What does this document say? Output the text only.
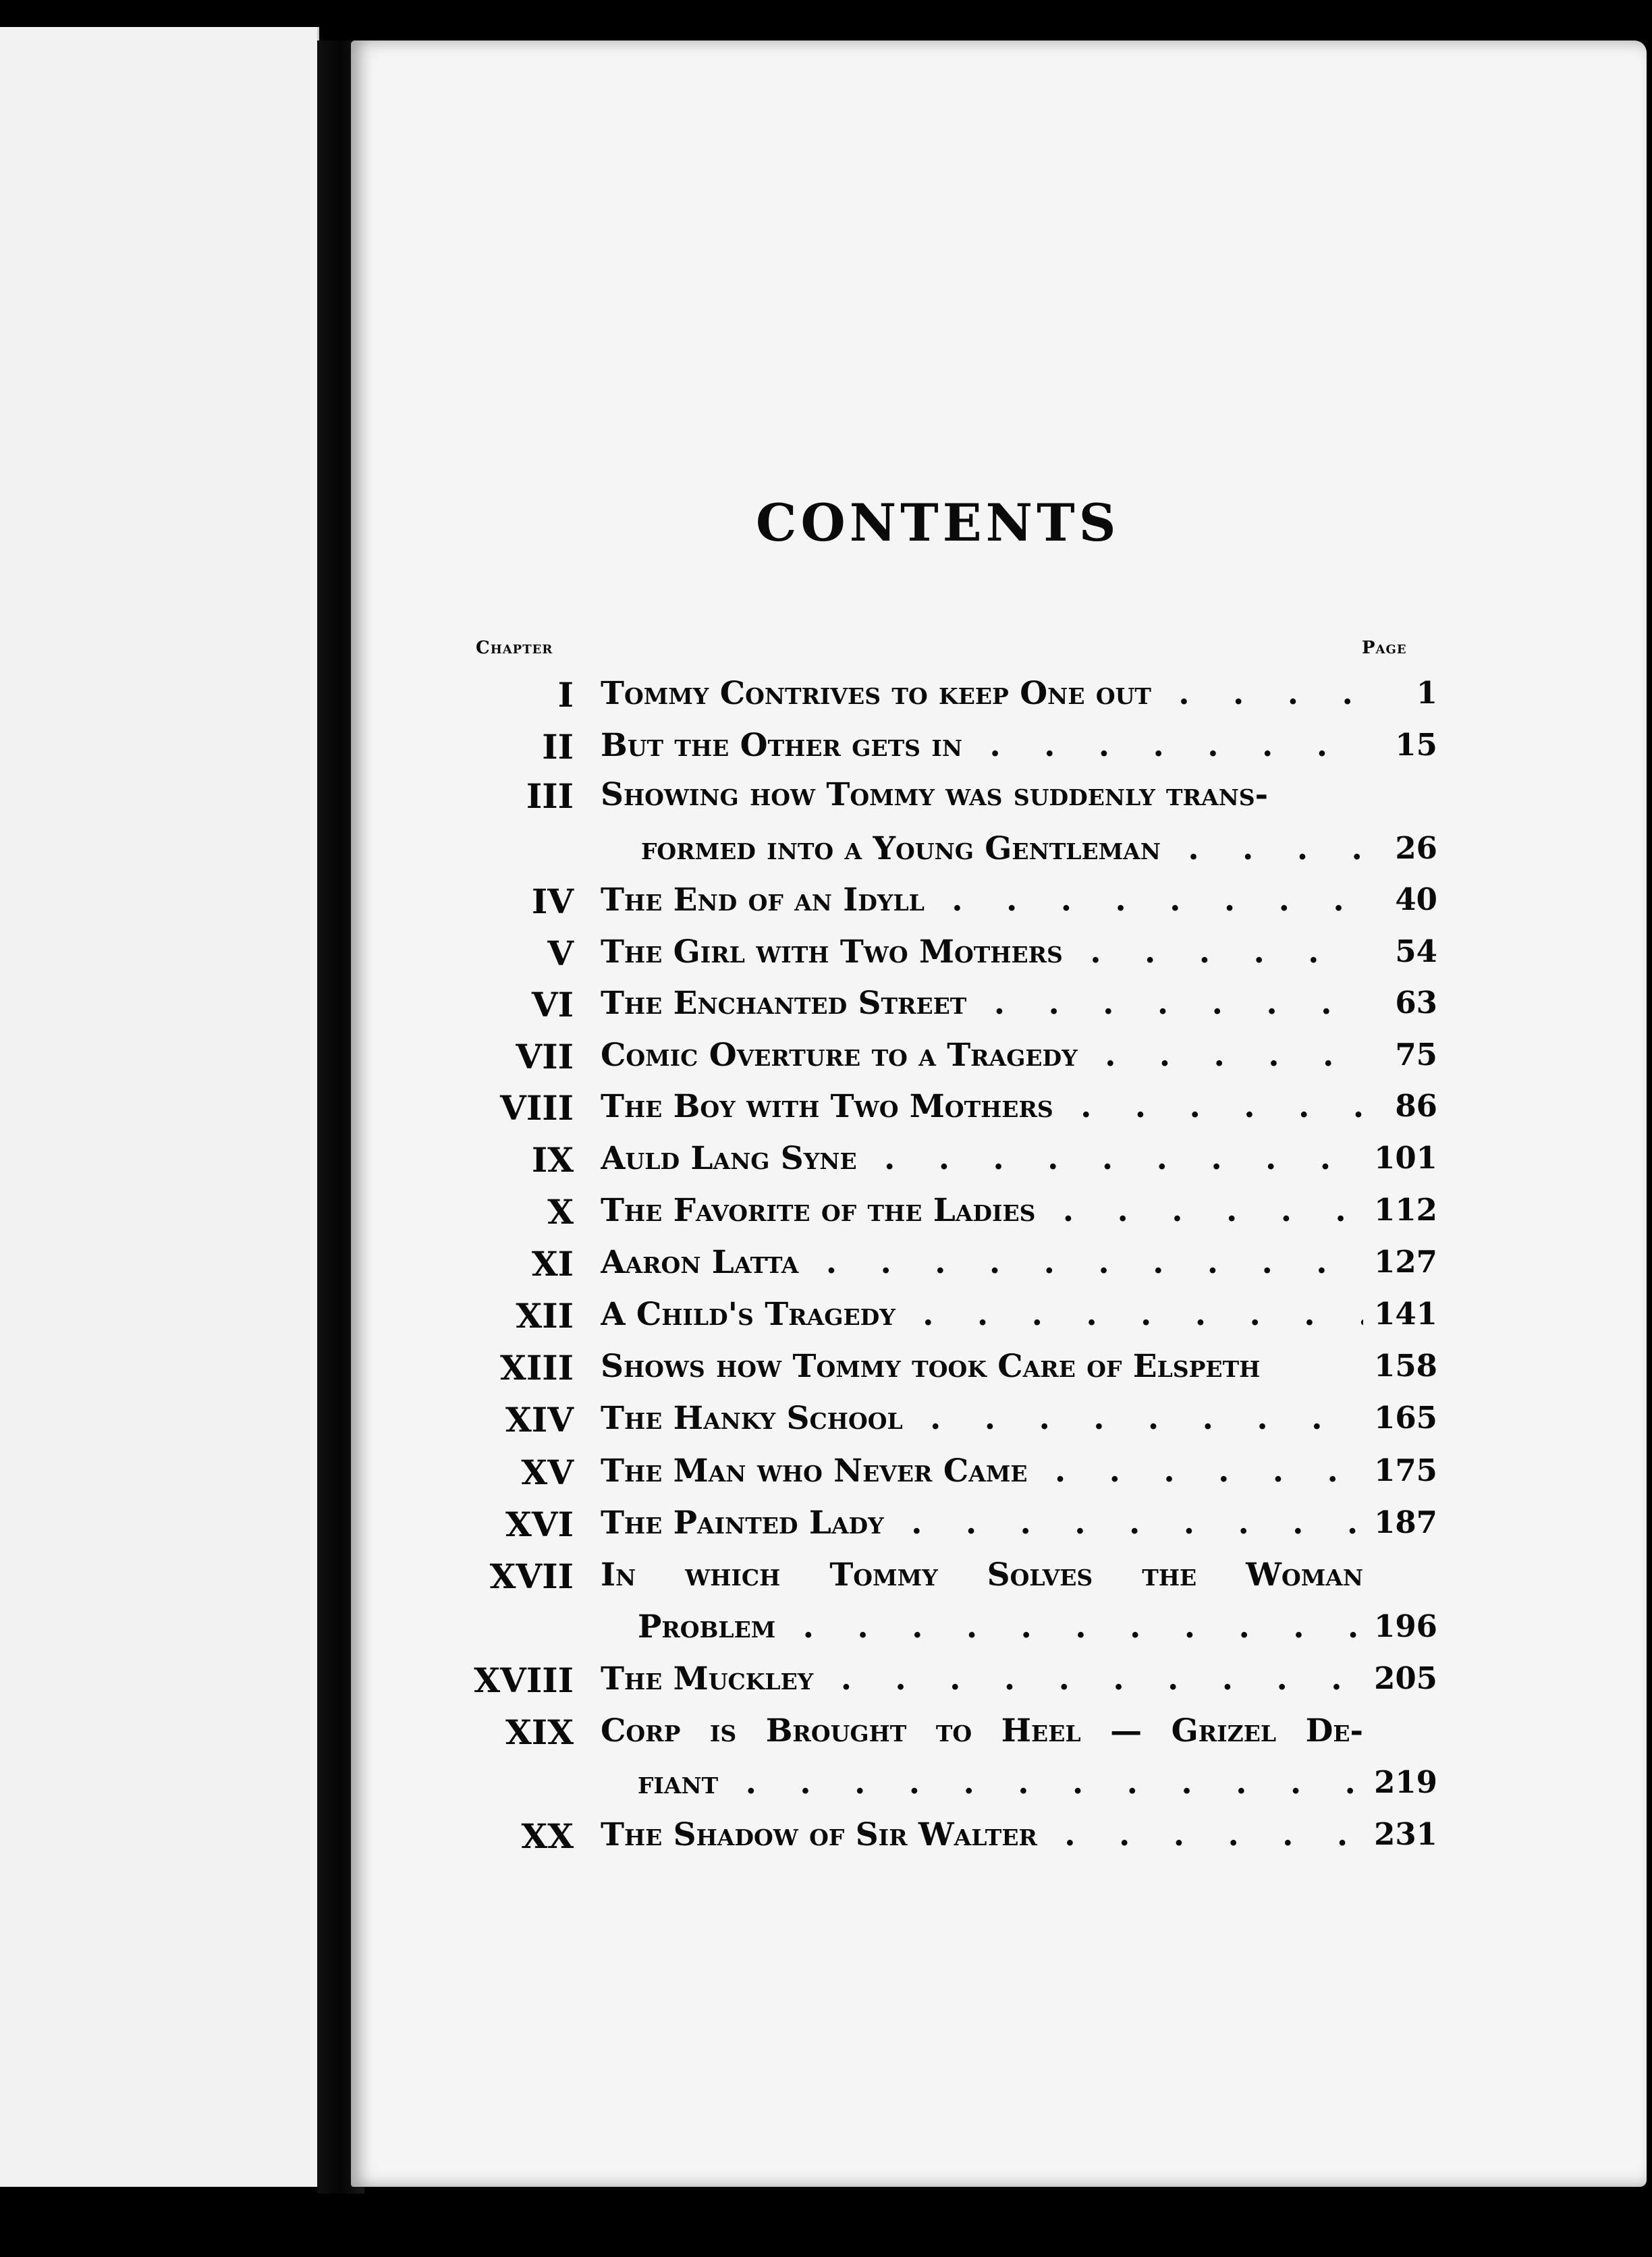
CONTENTS
Chapter	Page
I Tommy Contrives to keep One out . . .	1
II But the Other gets in . . .	15
III Showing how Tommy was suddenly trans-
formed into a Young Gentleman . . .	26
IV The End of an Idyll . . .	40
V The Girl with Two Mothers . . .	54
VI The Enchanted Street . . .	63
VII Comic Overture to a Tragedy . . .	75
VIII The Boy with Two Mothers . . .	86
IX Auld Lang Syne . . .	101
X The Favorite of the Ladies . . .	112
XI Aaron Latta . . .	127
XII A Child's Tragedy . . .	141
XIII Shows how Tommy took Care of Elspeth	158
XIV The Hanky School . . .	165
XV The Man who Never Came . . .	175
XVI The Painted Lady . . .	187
XVII In which Tommy Solves the Woman
Problem . . .	196
XVIII The Muckley . . .	205
XIX Corp is Brought to Heel — Grizel De-
fiant . . .	219
XX The Shadow of Sir Walter . . .	231
